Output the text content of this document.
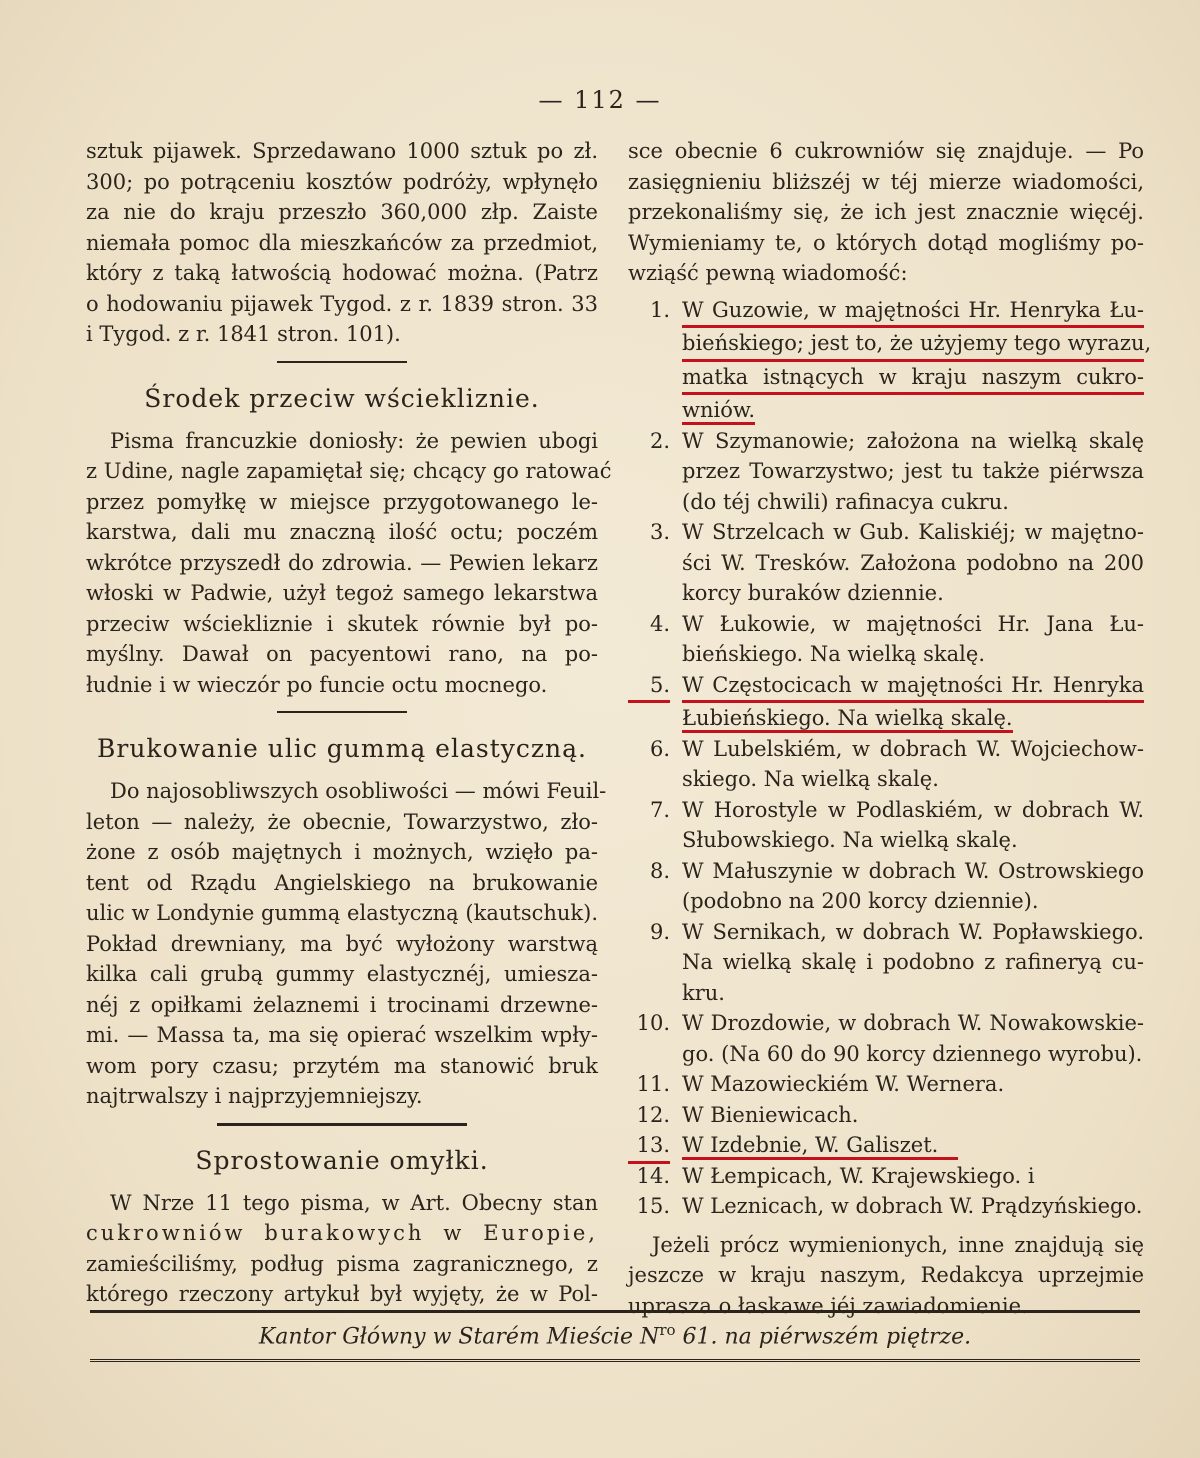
— 112 —
sztuk pijawek. Sprzedawano 1000 sztuk po zł.
300; po potrąceniu kosztów podróży, wpłynęło
za nie do kraju przeszło 360,000 złp. Zaiste
niemała pomoc dla mieszkańców za przedmiot,
który z taką łatwością hodować można. (Patrz
o hodowaniu pijawek Tygod. z r. 1839 stron. 33
i Tygod. z r. 1841 stron. 101).
Środek przeciw wściekliznie.
Pisma francuzkie doniosły: że pewien ubogi
z Udine, nagle zapamiętał się; chcący go ratować
przez pomyłkę w miejsce przygotowanego le-
karstwa, dali mu znaczną ilość octu; poczém
wkrótce przyszedł do zdrowia. — Pewien lekarz
włoski w Padwie, użył tegoż samego lekarstwa
przeciw wściekliznie i skutek równie był po-
myślny. Dawał on pacyentowi rano, na po-
łudnie i w wieczór po funcie octu mocnego.
Brukowanie ulic gummą elastyczną.
Do najosobliwszych osobliwości — mówi Feuil-
leton — należy, że obecnie, Towarzystwo, zło-
żone z osób majętnych i możnych, wzięło pa-
tent od Rządu Angielskiego na brukowanie
ulic w Londynie gummą elastyczną (kautschuk).
Pokład drewniany, ma być wyłożony warstwą
kilka cali grubą gummy elastycznéj, umiesza-
néj z opiłkami żelaznemi i trocinami drzewne-
mi. — Massa ta, ma się opierać wszelkim wpły-
wom pory czasu; przytém ma stanowić bruk
najtrwalszy i najprzyjemniejszy.
Sprostowanie omyłki.
W Nrze 11 tego pisma, w Art. Obecny stan
cukrowniów burakowych w Europie,
zamieściliśmy, podług pisma zagranicznego, z
którego rzeczony artykuł był wyjęty, że w Pol-
sce obecnie 6 cukrowniów się znajduje. — Po
zasięgnieniu bliższéj w téj mierze wiadomości,
przekonaliśmy się, że ich jest znacznie więcéj.
Wymieniamy te, o których dotąd mogliśmy po-
wziąść pewną wiadomość:
1. W Guzowie, w majętności Hr. Henryka Łu-
bieńskiego; jest to, że użyjemy tego wyrazu,
matka istnących w kraju naszym cukro-
wniów.
2. W Szymanowie; założona na wielką skalę
przez Towarzystwo; jest tu także piérwsza
(do téj chwili) rafinacya cukru.
3. W Strzelcach w Gub. Kaliskiéj; w majętno-
ści W. Tresków. Założona podobno na 200
korcy buraków dziennie.
4. W Łukowie, w majętności Hr. Jana Łu-
bieńskiego. Na wielką skalę.
5. W Częstocicach w majętności Hr. Henryka
Łubieńskiego. Na wielką skalę.
6. W Lubelskiém, w dobrach W. Wojciechow-
skiego. Na wielką skalę.
7. W Horostyle w Podlaskiém, w dobrach W.
Słubowskiego. Na wielką skalę.
8. W Małuszynie w dobrach W. Ostrowskiego
(podobno na 200 korcy dziennie).
9. W Sernikach, w dobrach W. Popławskiego.
Na wielką skalę i podobno z rafineryą cu-
kru.
10. W Drozdowie, w dobrach W. Nowakowskie-
go. (Na 60 do 90 korcy dziennego wyrobu).
11. W Mazowieckiém W. Wernera.
12. W Bieniewicach.
13. W Izdebnie, W. Galiszet.
14. W Łempicach, W. Krajewskiego. i
15. W Leznicach, w dobrach W. Prądzyńskiego.
Jeżeli prócz wymienionych, inne znajdują się
jeszcze w kraju naszym, Redakcya uprzejmie
uprasza o łaskawe jéj zawiadomienie.
Kantor Główny w Starém Mieście $N^{ro}$ 61. na piérwszém piętrze.
